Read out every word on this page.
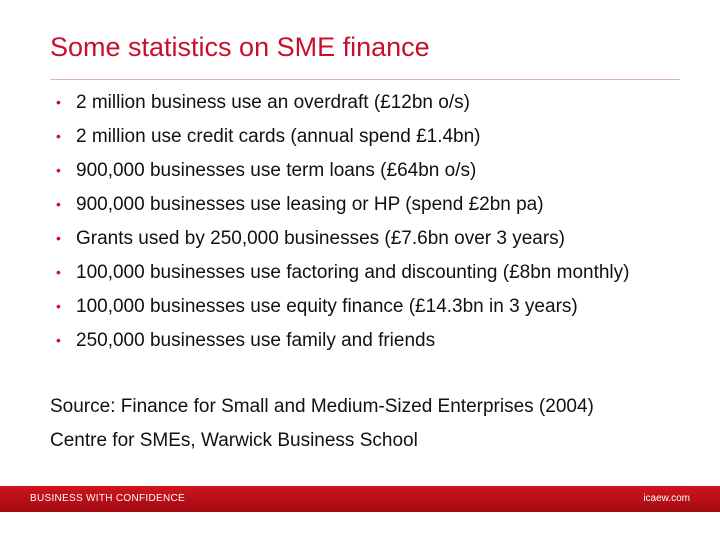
Some statistics on SME finance
• 2 million business use an overdraft (£12bn o/s)
• 2 million use credit cards (annual spend £1.4bn)
• 900,000 businesses use term loans (£64bn o/s)
• 900,000 businesses use leasing or HP (spend £2bn pa)
• Grants used by 250,000 businesses (£7.6bn over 3 years)
• 100,000 businesses use factoring and discounting (£8bn monthly)
• 100,000 businesses use equity finance (£14.3bn in 3 years)
• 250,000 businesses use family and friends
Source: Finance for Small and Medium-Sized Enterprises (2004)
Centre for SMEs, Warwick Business School
BUSINESS WITH CONFIDENCE	icaew.com
